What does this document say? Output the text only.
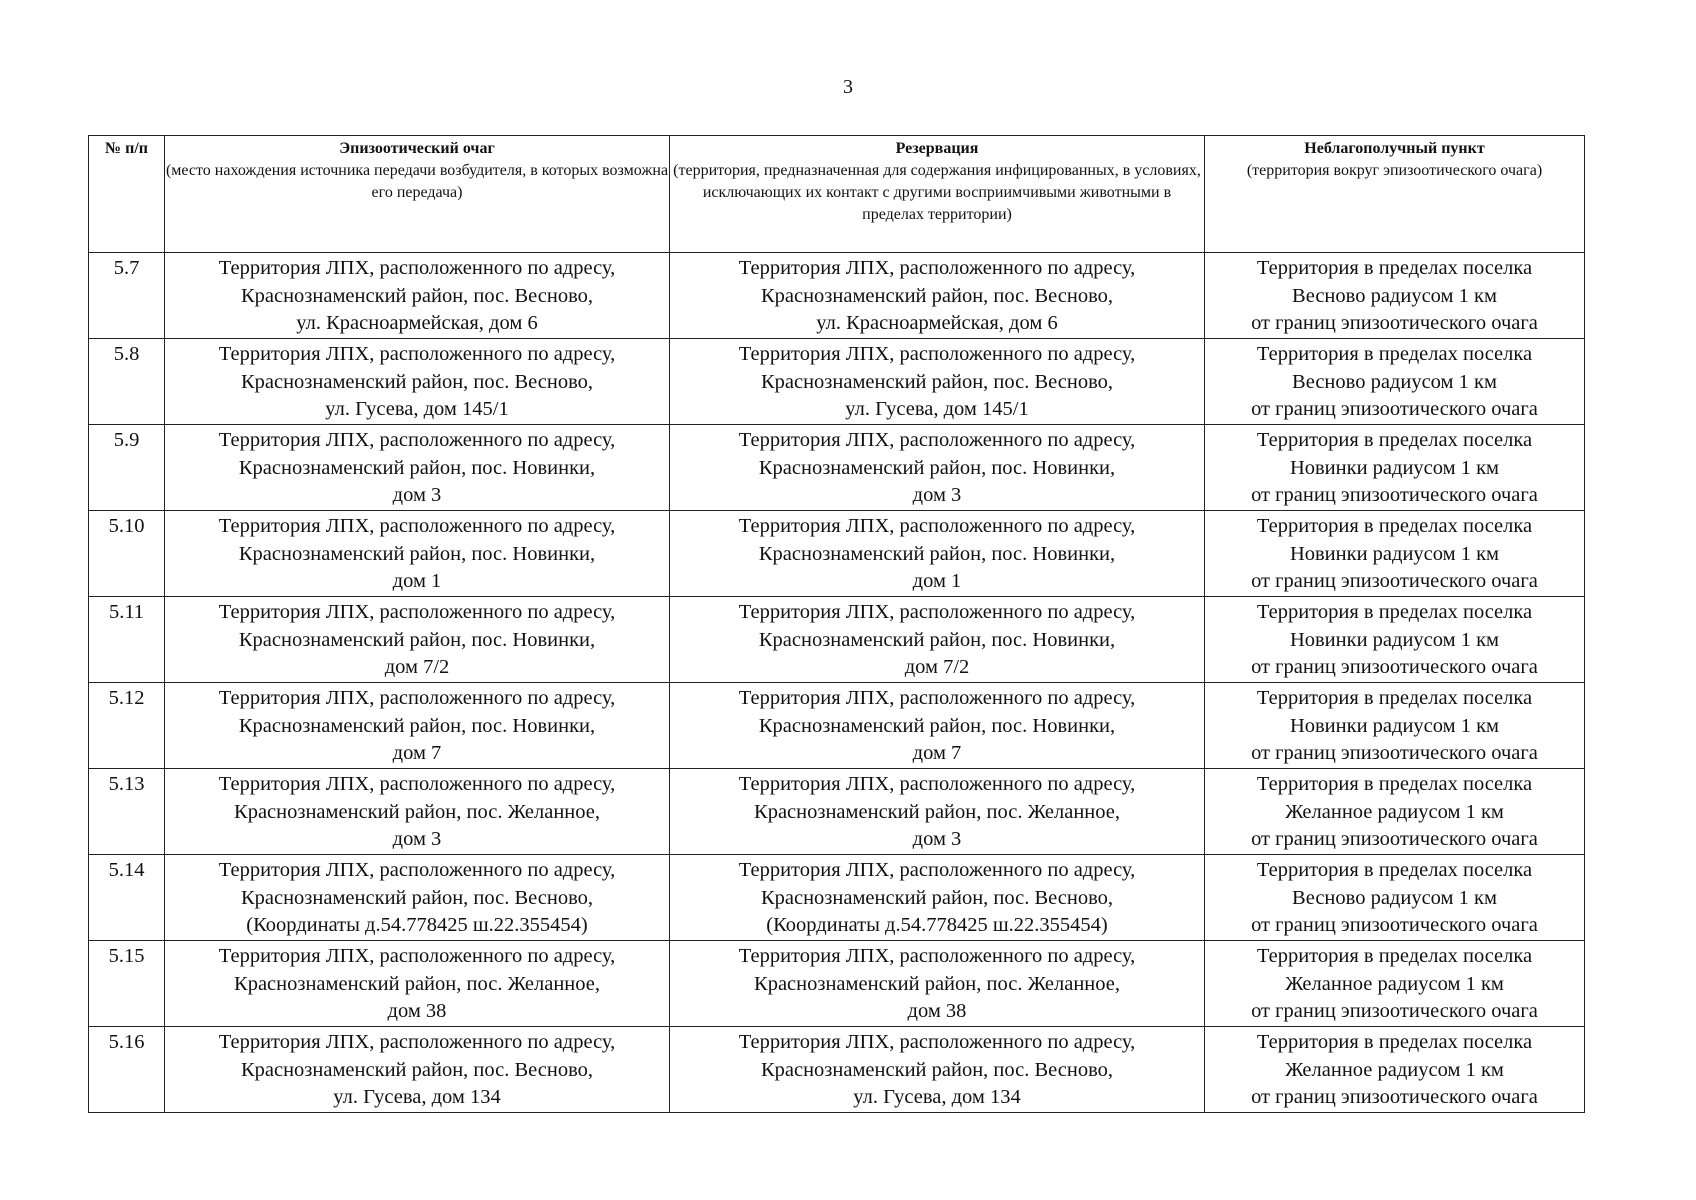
3
№ п/п	Эпизоотический очаг
(место нахождения источника передачи возбудителя, в которых возможна его передача)	Резервация
(территория, предназначенная для содержания инфицированных, в условиях, исключающих их контакт с другими восприимчивыми животными в пределах территории)	Неблагополучный пункт
(территория вокруг эпизоотического очага)

5.7	Территория ЛПХ, расположенного по адресу,
Краснознаменский район, пос. Весново,
ул. Красноармейская, дом 6	Территория ЛПХ, расположенного по адресу,
Краснознаменский район, пос. Весново,
ул. Красноармейская, дом 6	Территория в пределах поселка
Весново радиусом 1 км
от границ эпизоотического очага

5.8	Территория ЛПХ, расположенного по адресу,
Краснознаменский район, пос. Весново,
ул. Гусева, дом 145/1	Территория ЛПХ, расположенного по адресу,
Краснознаменский район, пос. Весново,
ул. Гусева, дом 145/1	Территория в пределах поселка
Весново радиусом 1 км
от границ эпизоотического очага

5.9	Территория ЛПХ, расположенного по адресу,
Краснознаменский район, пос. Новинки,
дом 3	Территория ЛПХ, расположенного по адресу,
Краснознаменский район, пос. Новинки,
дом 3	Территория в пределах поселка
Новинки радиусом 1 км
от границ эпизоотического очага

5.10	Территория ЛПХ, расположенного по адресу,
Краснознаменский район, пос. Новинки,
дом 1	Территория ЛПХ, расположенного по адресу,
Краснознаменский район, пос. Новинки,
дом 1	Территория в пределах поселка
Новинки радиусом 1 км
от границ эпизоотического очага

5.11	Территория ЛПХ, расположенного по адресу,
Краснознаменский район, пос. Новинки,
дом 7/2	Территория ЛПХ, расположенного по адресу,
Краснознаменский район, пос. Новинки,
дом 7/2	Территория в пределах поселка
Новинки радиусом 1 км
от границ эпизоотического очага

5.12	Территория ЛПХ, расположенного по адресу,
Краснознаменский район, пос. Новинки,
дом 7	Территория ЛПХ, расположенного по адресу,
Краснознаменский район, пос. Новинки,
дом 7	Территория в пределах поселка
Новинки радиусом 1 км
от границ эпизоотического очага

5.13	Территория ЛПХ, расположенного по адресу,
Краснознаменский район, пос. Желанное,
дом 3	Территория ЛПХ, расположенного по адресу,
Краснознаменский район, пос. Желанное,
дом 3	Территория в пределах поселка
Желанное радиусом 1 км
от границ эпизоотического очага

5.14	Территория ЛПХ, расположенного по адресу,
Краснознаменский район, пос. Весново,
(Координаты д.54.778425 ш.22.355454)	Территория ЛПХ, расположенного по адресу,
Краснознаменский район, пос. Весново,
(Координаты д.54.778425 ш.22.355454)	Территория в пределах поселка
Весново радиусом 1 км
от границ эпизоотического очага

5.15	Территория ЛПХ, расположенного по адресу,
Краснознаменский район, пос. Желанное,
дом 38	Территория ЛПХ, расположенного по адресу,
Краснознаменский район, пос. Желанное,
дом 38	Территория в пределах поселка
Желанное радиусом 1 км
от границ эпизоотического очага

5.16	Территория ЛПХ, расположенного по адресу,
Краснознаменский район, пос. Весново,
ул. Гусева, дом 134	Территория ЛПХ, расположенного по адресу,
Краснознаменский район, пос. Весново,
ул. Гусева, дом 134	Территория в пределах поселка
Желанное радиусом 1 км
от границ эпизоотического очага
